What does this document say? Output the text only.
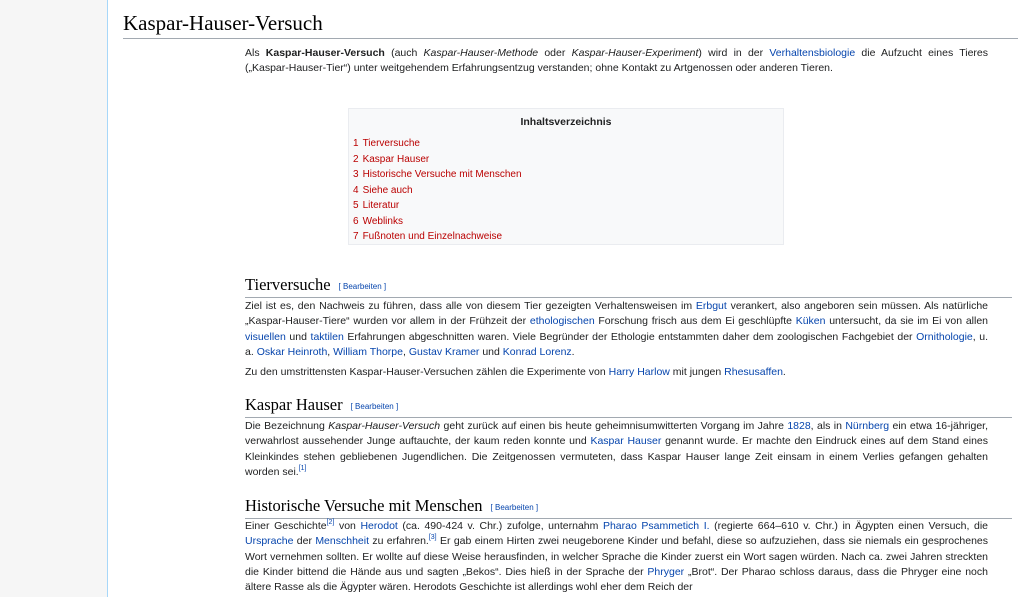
Kaspar-Hauser-Versuch

Als Kaspar-Hauser-Versuch (auch Kaspar-Hauser-Methode oder Kaspar-Hauser-Experiment) wird in der Verhaltensbiologie die Aufzucht eines Tieres („Kaspar-Hauser-Tier“) unter weitgehendem Erfahrungsentzug verstanden; ohne Kontakt zu Artgenossen oder anderen Tieren.

Inhaltsverzeichnis
1 Tierversuche
2 Kaspar Hauser
3 Historische Versuche mit Menschen
4 Siehe auch
5 Literatur
6 Weblinks
7 Fußnoten und Einzelnachweise
Tierversuche [ Bearbeiten ]

Ziel ist es, den Nachweis zu führen, dass alle von diesem Tier gezeigten Verhaltensweisen im Erbgut verankert, also angeboren sein müssen. Als natürliche „Kaspar-Hauser-Tiere“ wurden vor allem in der Frühzeit der ethologischen Forschung frisch aus dem Ei geschlüpfte Küken untersucht, da sie im Ei von allen visuellen und taktilen Erfahrungen abgeschnitten waren. Viele Begründer der Ethologie entstammten daher dem zoologischen Fachgebiet der Ornithologie, u. a. Oskar Heinroth, William Thorpe, Gustav Kramer und Konrad Lorenz.

Zu den umstrittensten Kaspar-Hauser-Versuchen zählen die Experimente von Harry Harlow mit jungen Rhesusaffen.

Kaspar Hauser [ Bearbeiten ]

Die Bezeichnung Kaspar-Hauser-Versuch geht zurück auf einen bis heute geheimnisumwitterten Vorgang im Jahre 1828, als in Nürnberg ein etwa 16-jähriger, verwahrlost aussehender Junge auftauchte, der kaum reden konnte und Kaspar Hauser genannt wurde. Er machte den Eindruck eines auf dem Stand eines Kleinkindes stehen gebliebenen Jugendlichen. Die Zeitgenossen vermuteten, dass Kaspar Hauser lange Zeit einsam in einem Verlies gefangen gehalten worden sei.[1]

Historische Versuche mit Menschen [ Bearbeiten ]

Einer Geschichte[2] von Herodot (ca. 490-424 v. Chr.) zufolge, unternahm Pharao Psammetich I. (regierte 664–610 v. Chr.) in Ägypten einen Versuch, die Ursprache der Menschheit zu erfahren.[3] Er gab einem Hirten zwei neugeborene Kinder und befahl, diese so aufzuziehen, dass sie niemals ein gesprochenes Wort vernehmen sollten. Er wollte auf diese Weise herausfinden, in welcher Sprache die Kinder zuerst ein Wort sagen würden. Nach ca. zwei Jahren streckten die Kinder bittend die Hände aus und sagten „Bekos“. Dies hieß in der Sprache der Phryger „Brot“. Der Pharao schloss daraus, dass die Phryger eine noch ältere Rasse als die Ägypter wären. Herodots Geschichte ist allerdings wohl eher dem Reich der
